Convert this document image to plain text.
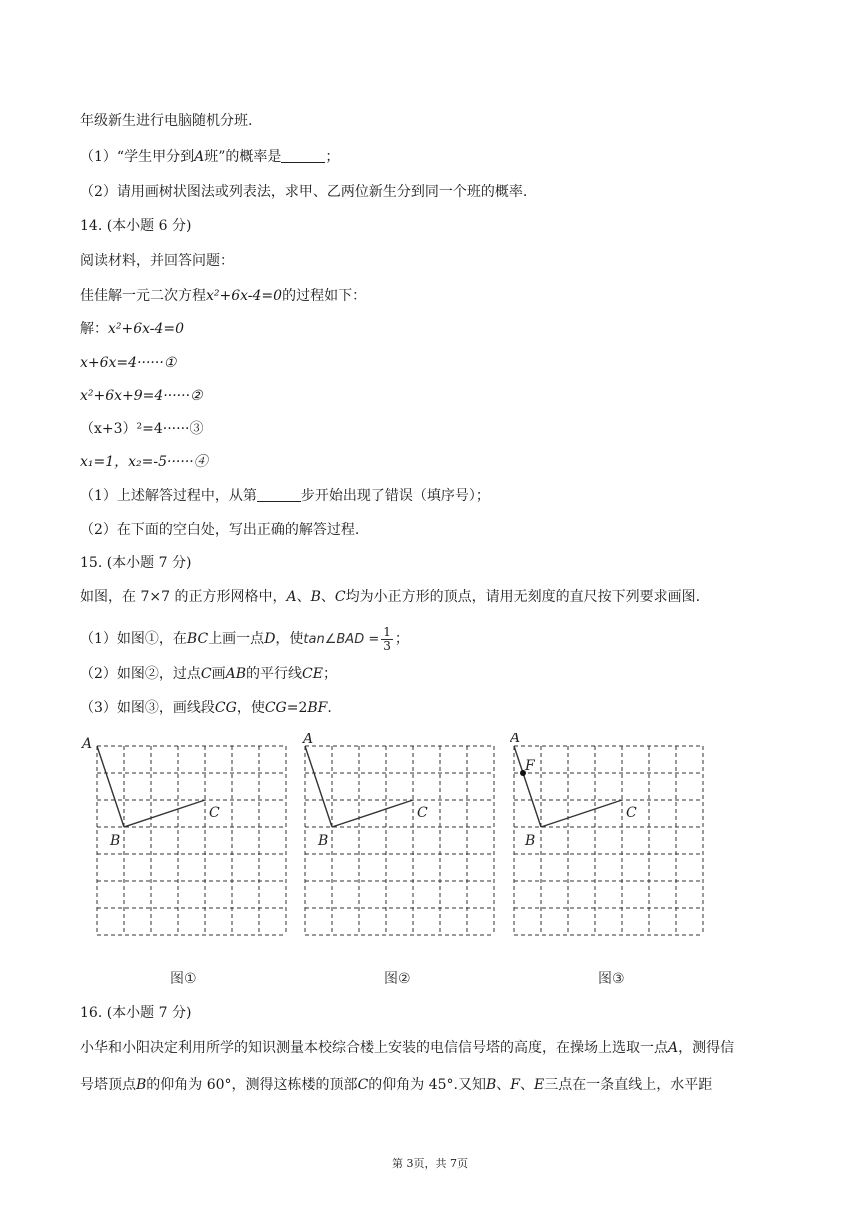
年级新生进行电脑随机分班.
（1）“学生甲分到A班”的概率是	；
（2）请用画树状图法或列表法，求甲、乙两位新生分到同一个班的概率.
14. (本小题 6 分)
阅读材料，并回答问题：
佳佳解一元二次方程x²+6x-4=0的过程如下：
解：x²+6x-4=0
x+6x=4······①
x²+6x+9=4······②
（x+3）²=4······③
x₁=1，x₂=-5······④
（1）上述解答过程中，从第	步开始出现了错误（填序号）；
（2）在下面的空白处，写出正确的解答过程.
15. (本小题 7 分)
如图，在 7×7 的正方形网格中，A、B、C均为小正方形的顶点，请用无刻度的直尺按下列要求画图.
（1）如图①，在BC上画一点D，使tan∠BAD = $\frac{1}{3}$ ；
（2）如图②，过点C画AB的平行线CE；
（3）如图③，画线段CG，使CG=2BF.
A
B
C
A
B
C
A
F
B
C
图①	图②	图③
16. (本小题 7 分)
小华和小阳决定利用所学的知识测量本校综合楼上安装的电信信号塔的高度，在操场上选取一点A，测得信
号塔顶点B的仰角为 60°，测得这栋楼的顶部C的仰角为 45°.又知B、F、E三点在一条直线上，水平距
第 3页，共 7页
